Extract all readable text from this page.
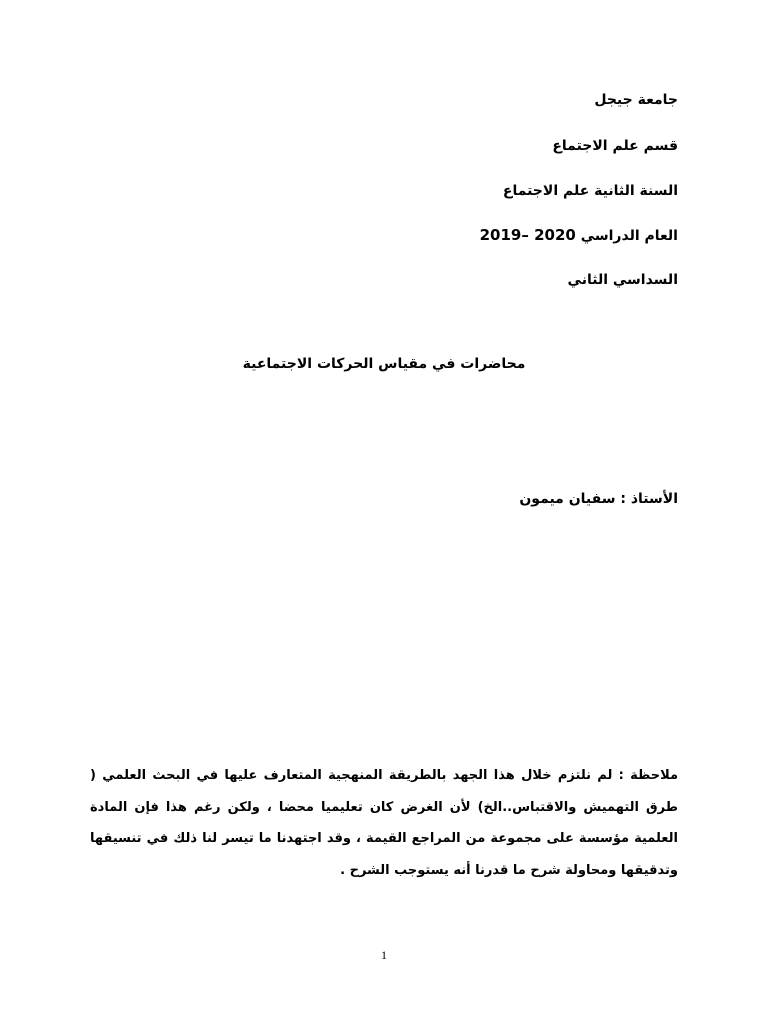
جامعة جيجل
قسم علم الاجتماع
السنة الثانية علم الاجتماع
العام الدراسي 2019– 2020
السداسي الثاني
محاضرات في مقياس الحركات الاجتماعية
الأستاذ : سفيان ميمون
ملاحظة : لم نلتزم خلال هذا الجهد بالطريقة المنهجية المتعارف عليها في البحث العلمي ( طرق التهميش والاقتباس..الخ) لأن الغرض كان تعليميا محضا ، ولكن رغم هذا فإن المادة العلمية مؤسسة على مجموعة من المراجع القيمة ، وقد اجتهدنا ما تيسر لنا ذلك في تنسيقها وتدقيقها ومحاولة شرح ما قدرنا أنه يستوجب الشرح .
1
